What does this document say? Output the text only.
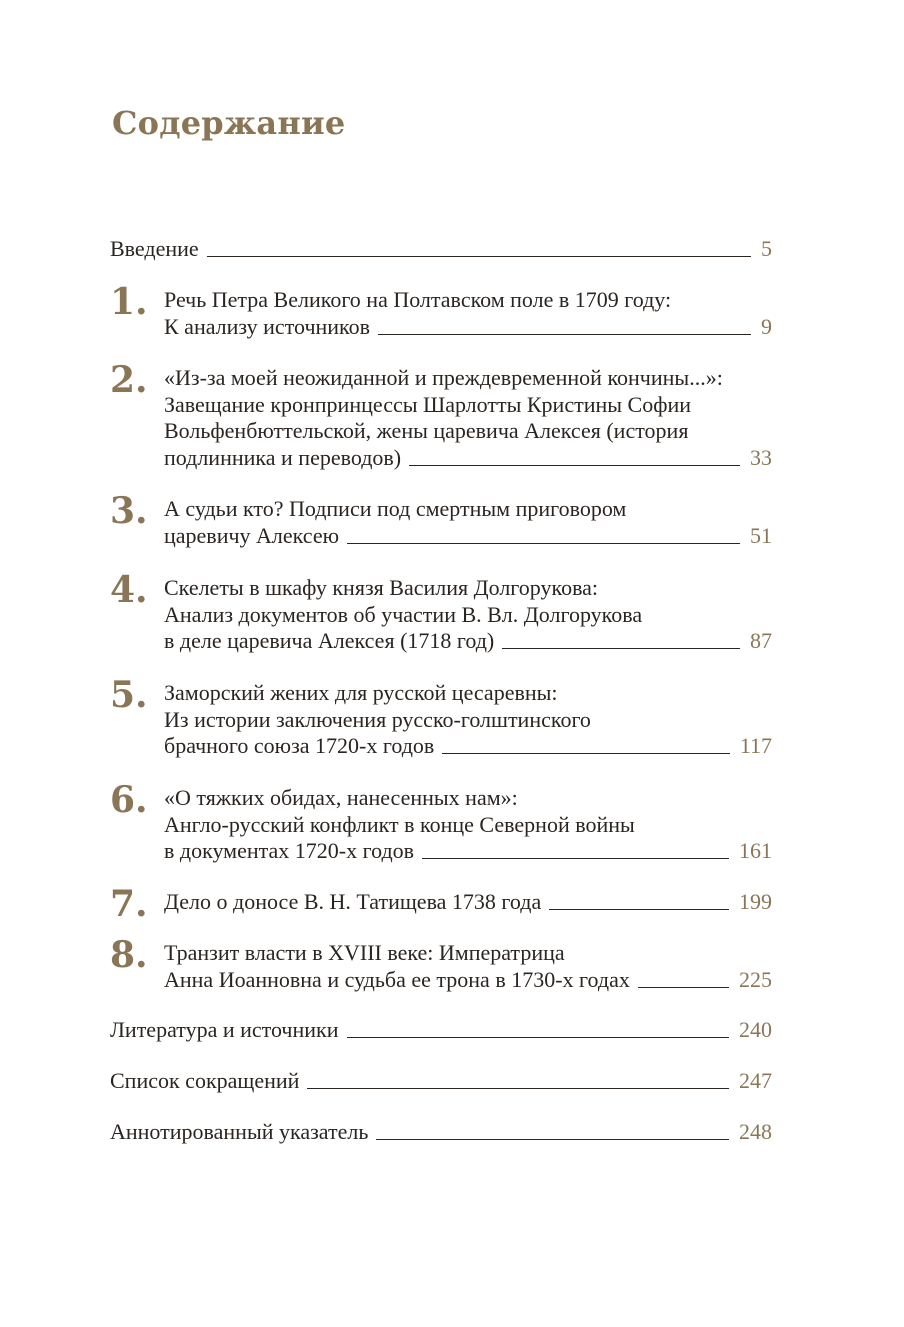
Содержание
Введение	5
1. Речь Петра Великого на Полтавском поле в 1709 году:
К анализу источников	9
2. «Из-за моей неожиданной и преждевременной кончины...»:
Завещание кронпринцессы Шарлотты Кристины Софии
Вольфенбюттельской, жены царевича Алексея (история
подлинника и переводов)	33
3. А судьи кто? Подписи под смертным приговором
царевичу Алексею	51
4. Скелеты в шкафу князя Василия Долгорукова:
Анализ документов об участии В. Вл. Долгорукова
в деле царевича Алексея (1718 год)	87
5. Заморский жених для русской цесаревны:
Из истории заключения русско-голштинского
брачного союза 1720-х годов	117
6. «О тяжких обидах, нанесенных нам»:
Англо-русский конфликт в конце Северной войны
в документах 1720-х годов	161
7. Дело о доносе В. Н. Татищева 1738 года	199
8. Транзит власти в XVIII веке: Императрица
Анна Иоанновна и судьба ее трона в 1730-х годах	225
Литература и источники	240
Список сокращений	247
Аннотированный указатель	248
